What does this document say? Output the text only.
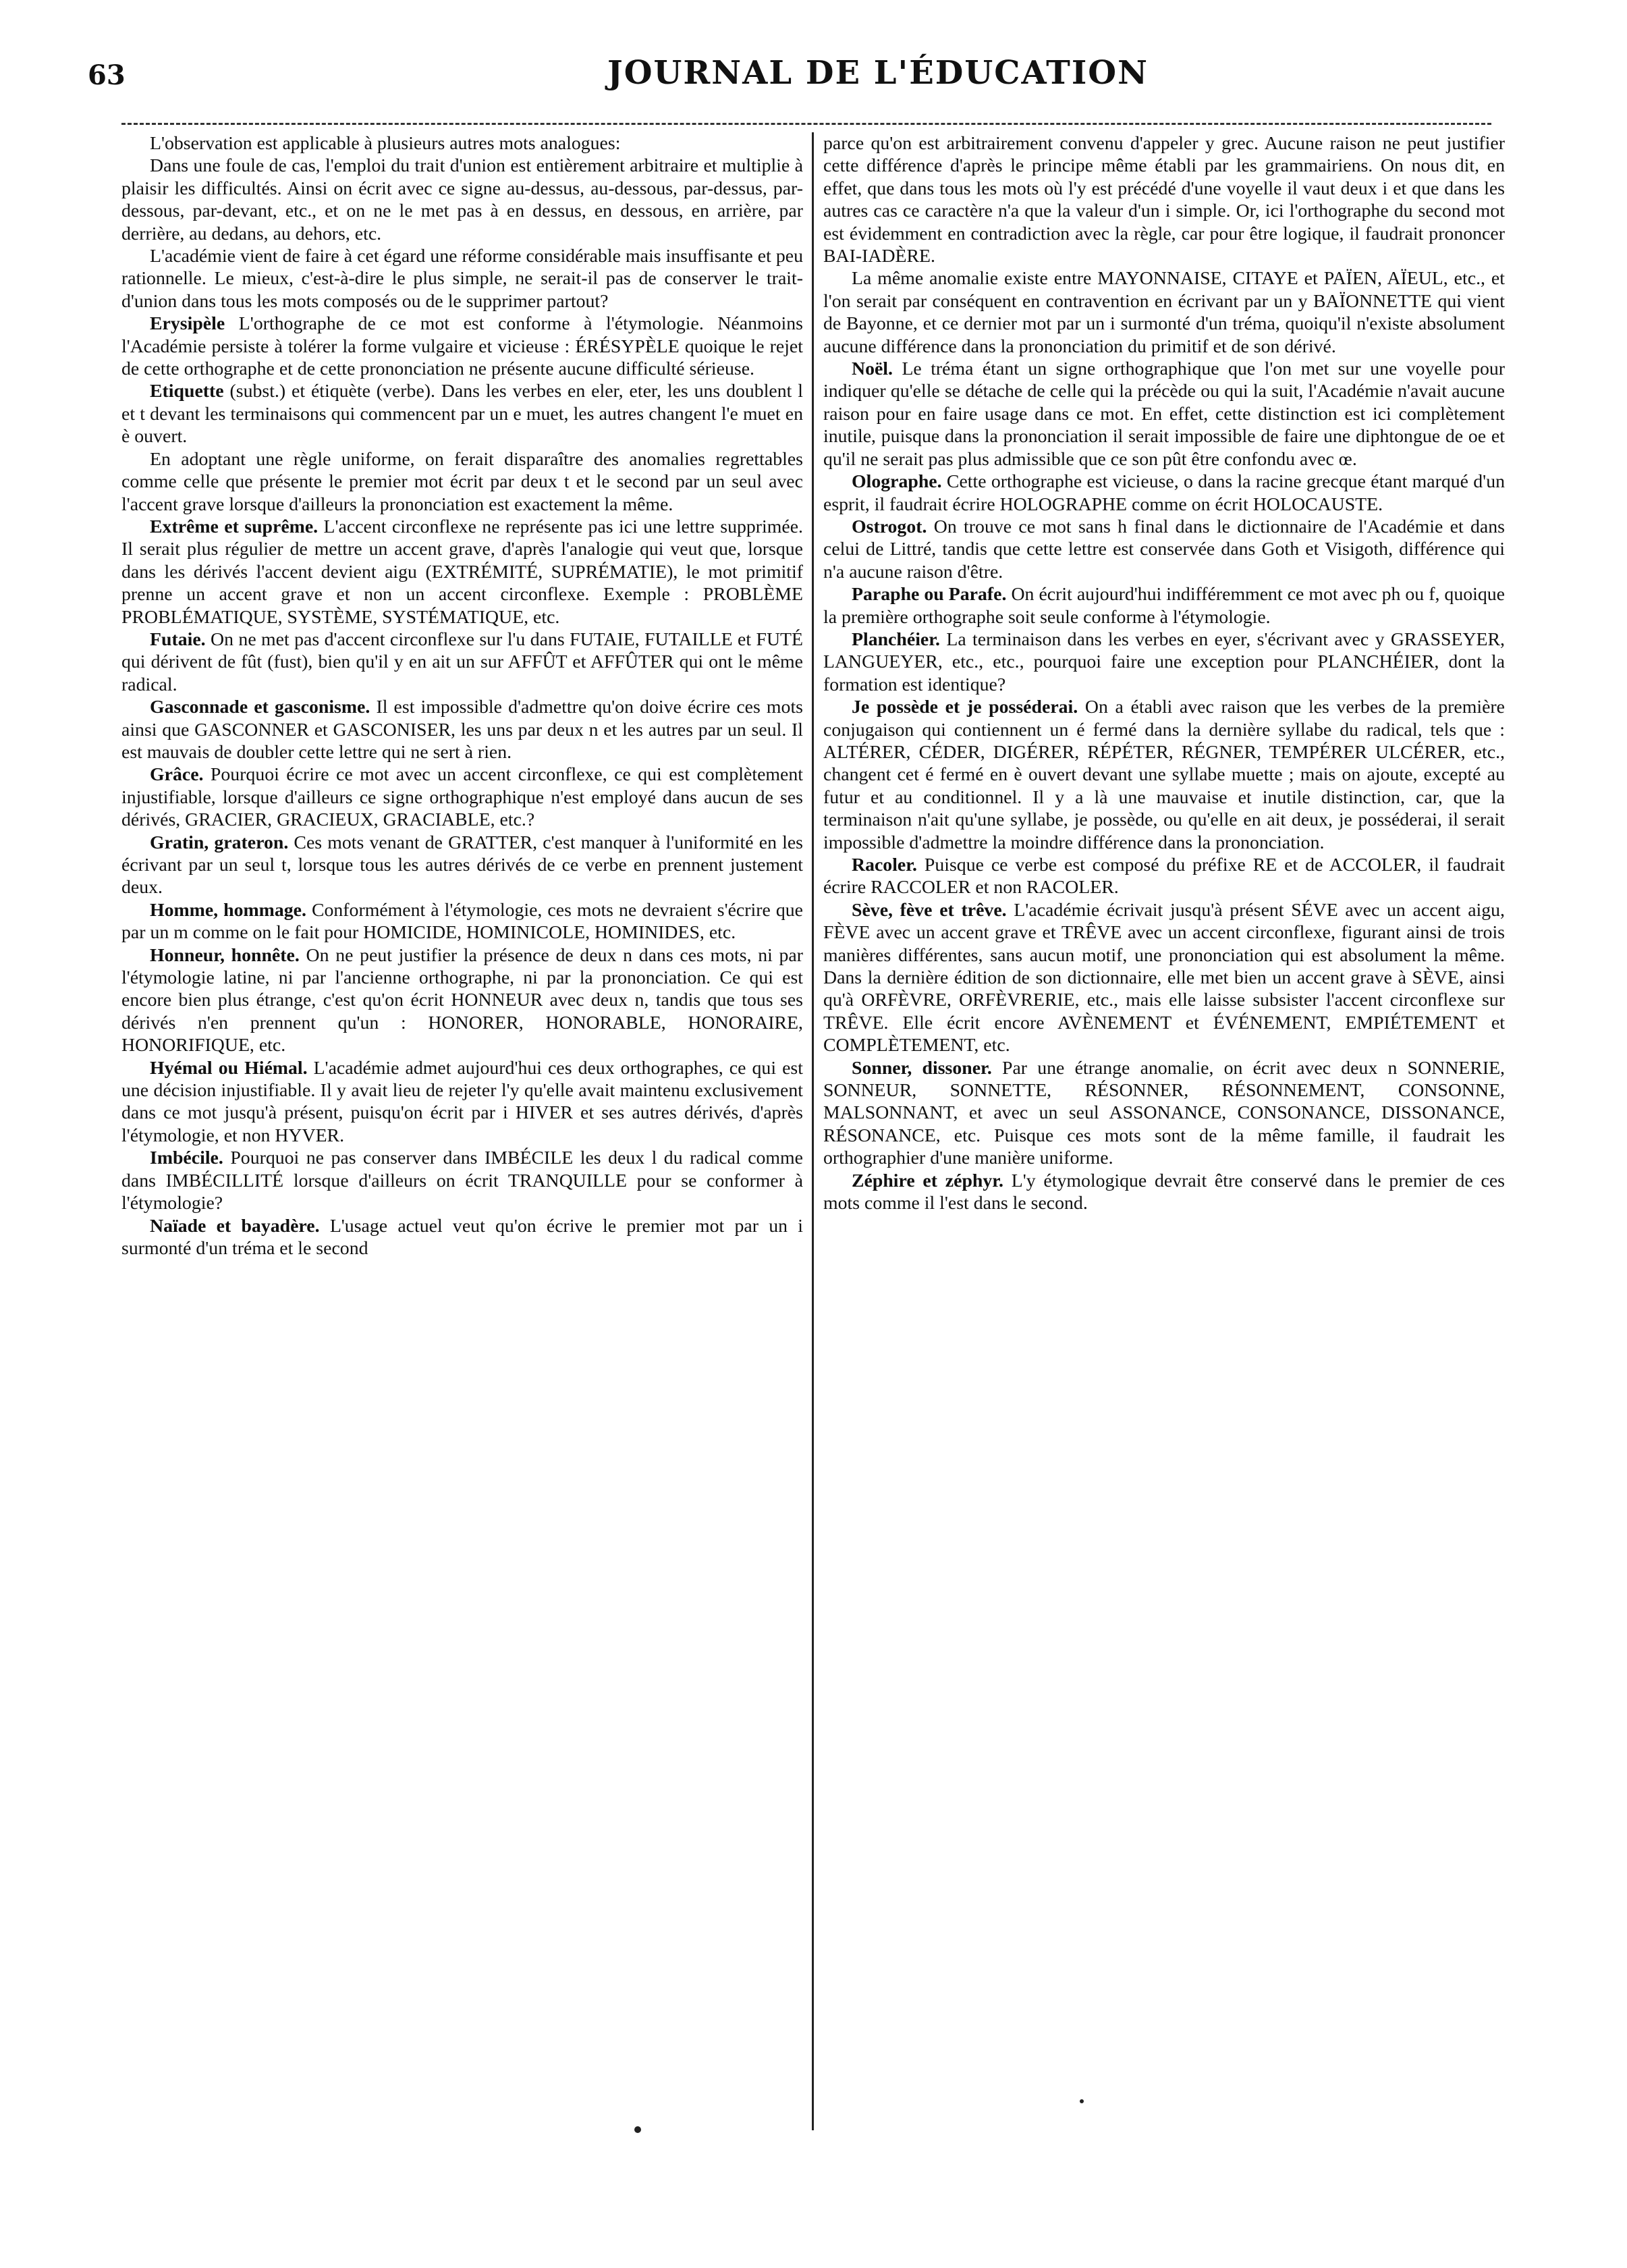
63	JOURNAL DE L'ÉDUCATION

L'observation est applicable à plusieurs autres mots analogues:

Dans une foule de cas, l'emploi du trait d'union est entièrement arbitraire et multiplie à plaisir les difficultés. Ainsi on écrit avec ce signe au-dessus, au-dessous, par-dessus, par-dessous, par-devant, etc., et on ne le met pas à en dessus, en dessous, en arrière, par derrière, au dedans, au dehors, etc.

L'académie vient de faire à cet égard une réforme considérable mais insuffisante et peu rationnelle. Le mieux, c'est-à-dire le plus simple, ne serait-il pas de conserver le trait-d'union dans tous les mots composés ou de le supprimer partout?

Erysipèle L'orthographe de ce mot est conforme à l'étymologie. Néanmoins l'Académie persiste à tolérer la forme vulgaire et vicieuse : ÉRÉSYPÈLE quoique le rejet de cette orthographe et de cette prononciation ne présente aucune difficulté sérieuse.

Etiquette (subst.) et étiquète (verbe). Dans les verbes en eler, eter, les uns doublent l et t devant les terminaisons qui commencent par un e muet, les autres changent l'e muet en è ouvert.

En adoptant une règle uniforme, on ferait disparaître des anomalies regrettables comme celle que présente le premier mot écrit par deux t et le second par un seul avec l'accent grave lorsque d'ailleurs la prononciation est exactement la même.

Extrême et suprême. L'accent circonflexe ne représente pas ici une lettre supprimée. Il serait plus régulier de mettre un accent grave, d'après l'analogie qui veut que, lorsque dans les dérivés l'accent devient aigu (EXTRÉMITÉ, SUPRÉMATIE), le mot primitif prenne un accent grave et non un accent circonflexe. Exemple : PROBLÈME PROBLÉMATIQUE, SYSTÈME, SYSTÉMATIQUE, etc.

Futaie. On ne met pas d'accent circonflexe sur l'u dans FUTAIE, FUTAILLE et FUTÉ qui dérivent de fût (fust), bien qu'il y en ait un sur AFFÛT et AFFÛTER qui ont le même radical.

Gasconnade et gasconisme. Il est impossible d'admettre qu'on doive écrire ces mots ainsi que GASCONNER et GASCONISER, les uns par deux n et les autres par un seul. Il est mauvais de doubler cette lettre qui ne sert à rien.

Grâce. Pourquoi écrire ce mot avec un accent circonflexe, ce qui est complètement injustifiable, lorsque d'ailleurs ce signe orthographique n'est employé dans aucun de ses dérivés, GRACIER, GRACIEUX, GRACIABLE, etc.?

Gratin, grateron. Ces mots venant de GRATTER, c'est manquer à l'uniformité en les écrivant par un seul t, lorsque tous les autres dérivés de ce verbe en prennent justement deux.

Homme, hommage. Conformément à l'étymologie, ces mots ne devraient s'écrire que par un m comme on le fait pour HOMICIDE, HOMINICOLE, HOMINIDES, etc.

Honneur, honnête. On ne peut justifier la présence de deux n dans ces mots, ni par l'étymologie latine, ni par l'ancienne orthographe, ni par la prononciation. Ce qui est encore bien plus étrange, c'est qu'on écrit HONNEUR avec deux n, tandis que tous ses dérivés n'en prennent qu'un : HONORER, HONORABLE, HONORAIRE, HONORIFIQUE, etc.

Hyémal ou Hiémal. L'académie admet aujourd'hui ces deux orthographes, ce qui est une décision injustifiable. Il y avait lieu de rejeter l'y qu'elle avait maintenu exclusivement dans ce mot jusqu'à présent, puisqu'on écrit par i HIVER et ses autres dérivés, d'après l'étymologie, et non HYVER.

Imbécile. Pourquoi ne pas conserver dans IMBÉCILE les deux l du radical comme dans IMBÉCILLITÉ lorsque d'ailleurs on écrit TRANQUILLE pour se conformer à l'étymologie?

Naïade et bayadère. L'usage actuel veut qu'on écrive le premier mot par un i surmonté d'un tréma et le second

parce qu'on est arbitrairement convenu d'appeler y grec. Aucune raison ne peut justifier cette différence d'après le principe même établi par les grammairiens. On nous dit, en effet, que dans tous les mots où l'y est précédé d'une voyelle il vaut deux i et que dans les autres cas ce caractère n'a que la valeur d'un i simple. Or, ici l'orthographe du second mot est évidemment en contradiction avec la règle, car pour être logique, il faudrait prononcer BAI-IADÈRE.

La même anomalie existe entre MAYONNAISE, CITAYE et PAÏEN, AÏEUL, etc., et l'on serait par conséquent en contravention en écrivant par un y BAÏONNETTE qui vient de Bayonne, et ce dernier mot par un i surmonté d'un tréma, quoiqu'il n'existe absolument aucune différence dans la prononciation du primitif et de son dérivé.

Noël. Le tréma étant un signe orthographique que l'on met sur une voyelle pour indiquer qu'elle se détache de celle qui la précède ou qui la suit, l'Académie n'avait aucune raison pour en faire usage dans ce mot. En effet, cette distinction est ici complètement inutile, puisque dans la prononciation il serait impossible de faire une diphtongue de oe et qu'il ne serait pas plus admissible que ce son pût être confondu avec œ.

Olographe. Cette orthographe est vicieuse, o dans la racine grecque étant marqué d'un esprit, il faudrait écrire HOLOGRAPHE comme on écrit HOLOCAUSTE.

Ostrogot. On trouve ce mot sans h final dans le dictionnaire de l'Académie et dans celui de Littré, tandis que cette lettre est conservée dans Goth et Visigoth, différence qui n'a aucune raison d'être.

Paraphe ou Parafe. On écrit aujourd'hui indifféremment ce mot avec ph ou f, quoique la première orthographe soit seule conforme à l'étymologie.

Planchéier. La terminaison dans les verbes en eyer, s'écrivant avec y GRASSEYER, LANGUEYER, etc., etc., pourquoi faire une exception pour PLANCHÉIER, dont la formation est identique?

Je possède et je posséderai. On a établi avec raison que les verbes de la première conjugaison qui contiennent un é fermé dans la dernière syllabe du radical, tels que : ALTÉRER, CÉDER, DIGÉRER, RÉPÉTER, RÉGNER, TEMPÉRER ULCÉRER, etc., changent cet é fermé en è ouvert devant une syllabe muette ; mais on ajoute, excepté au futur et au conditionnel. Il y a là une mauvaise et inutile distinction, car, que la terminaison n'ait qu'une syllabe, je possède, ou qu'elle en ait deux, je posséderai, il serait impossible d'admettre la moindre différence dans la prononciation.

Racoler. Puisque ce verbe est composé du préfixe RE et de ACCOLER, il faudrait écrire RACCOLER et non RACOLER.

Sève, fève et trêve. L'académie écrivait jusqu'à présent SÉVE avec un accent aigu, FÈVE avec un accent grave et TRÊVE avec un accent circonflexe, figurant ainsi de trois manières différentes, sans aucun motif, une prononciation qui est absolument la même. Dans la dernière édition de son dictionnaire, elle met bien un accent grave à SÈVE, ainsi qu'à ORFÈVRE, ORFÈVRERIE, etc., mais elle laisse subsister l'accent circonflexe sur TRÊVE. Elle écrit encore AVÈNEMENT et ÉVÉNEMENT, EMPIÉTEMENT et COMPLÈTEMENT, etc.

Sonner, dissoner. Par une étrange anomalie, on écrit avec deux n SONNERIE, SONNEUR, SONNETTE, RÉSONNER, RÉSONNEMENT, CONSONNE, MALSONNANT, et avec un seul ASSONANCE, CONSONANCE, DISSONANCE, RÉSONANCE, etc. Puisque ces mots sont de la même famille, il faudrait les orthographier d'une manière uniforme.

Zéphire et zéphyr. L'y étymologique devrait être conservé dans le premier de ces mots comme il l'est dans le second.
